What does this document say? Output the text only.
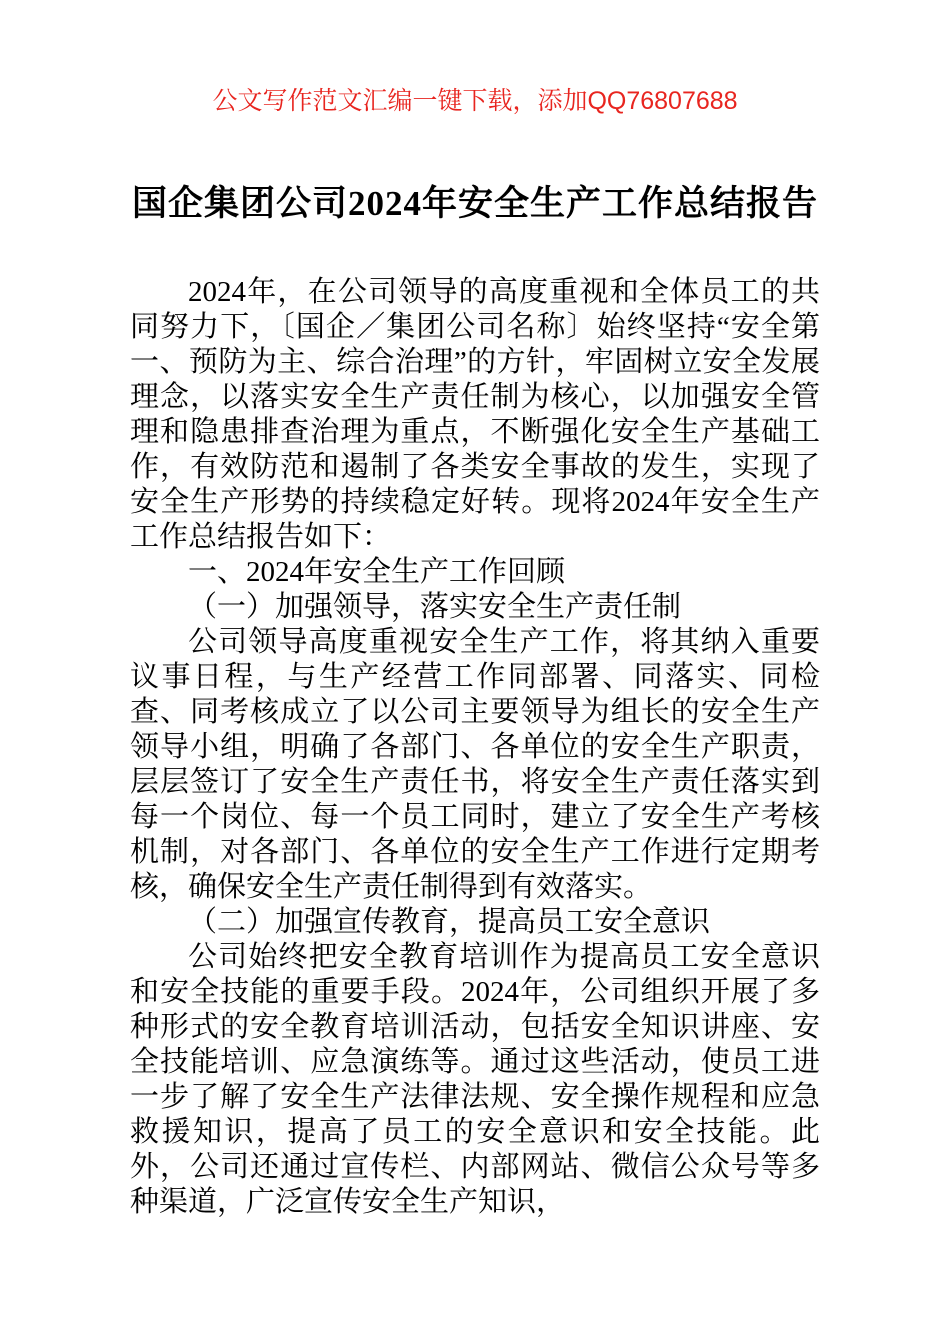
公文写作范文汇编一键下载，添加QQ76807688
国企集团公司2024年安全生产工作总结报告

2024年，在公司领导的高度重视和全体员工的共同努力下，〔国企／集团公司名称〕始终坚持“安全第一、预防为主、综合治理”的方针，牢固树立安全发展理念，以落实安全生产责任制为核心，以加强安全管理和隐患排查治理为重点，不断强化安全生产基础工作，有效防范和遏制了各类安全事故的发生，实现了安全生产形势的持续稳定好转。现将2024年安全生产工作总结报告如下：

一、2024年安全生产工作回顾

（一）加强领导，落实安全生产责任制

公司领导高度重视安全生产工作，将其纳入重要议事日程，与生产经营工作同部署、同落实、同检查、同考核成立了以公司主要领导为组长的安全生产领导小组，明确了各部门、各单位的安全生产职责，层层签订了安全生产责任书，将安全生产责任落实到每一个岗位、每一个员工同时，建立了安全生产考核机制，对各部门、各单位的安全生产工作进行定期考核，确保安全生产责任制得到有效落实。

（二）加强宣传教育，提高员工安全意识

公司始终把安全教育培训作为提高员工安全意识和安全技能的重要手段。2024年，公司组织开展了多种形式的安全教育培训活动，包括安全知识讲座、安全技能培训、应急演练等。通过这些活动，使员工进一步了解了安全生产法律法规、安全操作规程和应急救援知识，提高了员工的安全意识和安全技能。此外，公司还通过宣传栏、内部网站、微信公众号等多种渠道，广泛宣传安全生产知识，
